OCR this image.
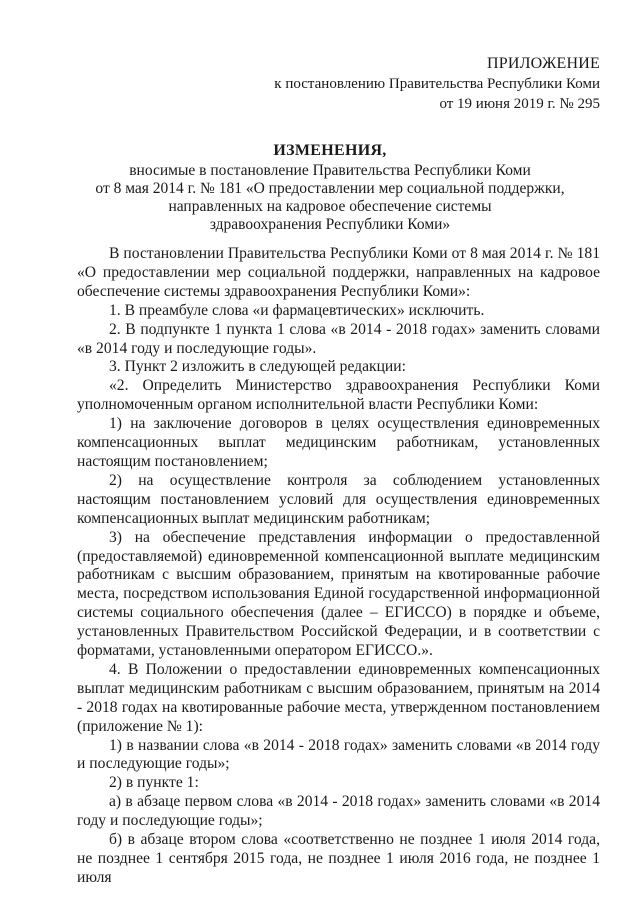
ПРИЛОЖЕНИЕ
к постановлению Правительства Республики Коми
от 19 июня 2019 г. № 295
ИЗМЕНЕНИЯ,
вносимые в постановление Правительства Республики Коми
от 8 мая 2014 г. № 181 «О предоставлении мер социальной поддержки,
направленных на кадровое обеспечение системы
здравоохранения Республики Коми»

В постановлении Правительства Республики Коми от 8 мая 2014 г. № 181 «О предоставлении мер социальной поддержки, направленных на кадровое обеспечение системы здравоохранения Республики Коми»:

1. В преамбуле слова «и фармацевтических» исключить.

2. В подпункте 1 пункта 1 слова «в 2014 - 2018 годах» заменить словами «в 2014 году и последующие годы».

3. Пункт 2 изложить в следующей редакции:

«2. Определить Министерство здравоохранения Республики Коми уполномоченным органом исполнительной власти Республики Коми:

1) на заключение договоров в целях осуществления единовременных компенсационных выплат медицинским работникам, установленных настоящим постановлением;

2) на осуществление контроля за соблюдением установленных настоящим постановлением условий для осуществления единовременных компенсационных выплат медицинским работникам;

3) на обеспечение представления информации о предоставленной (предоставляемой) единовременной компенсационной выплате медицинским работникам с высшим образованием, принятым на квотированные рабочие места, посредством использования Единой государственной информационной системы социального обеспечения (далее – ЕГИССО) в порядке и объеме, установленных Правительством Российской Федерации, и в соответствии с форматами, установленными оператором ЕГИССО.».

4. В Положении о предоставлении единовременных компенсационных выплат медицинским работникам с высшим образованием, принятым на 2014 - 2018 годах на квотированные рабочие места, утвержденном постановлением (приложение № 1):

1) в названии слова «в 2014 - 2018 годах» заменить словами «в 2014 году и последующие годы»;

2) в пункте 1:

а) в абзаце первом слова «в 2014 - 2018 годах» заменить словами «в 2014 году и последующие годы»;

б) в абзаце втором слова «соответственно не позднее 1 июля 2014 года, не позднее 1 сентября 2015 года, не позднее 1 июля 2016 года, не позднее 1 июля
